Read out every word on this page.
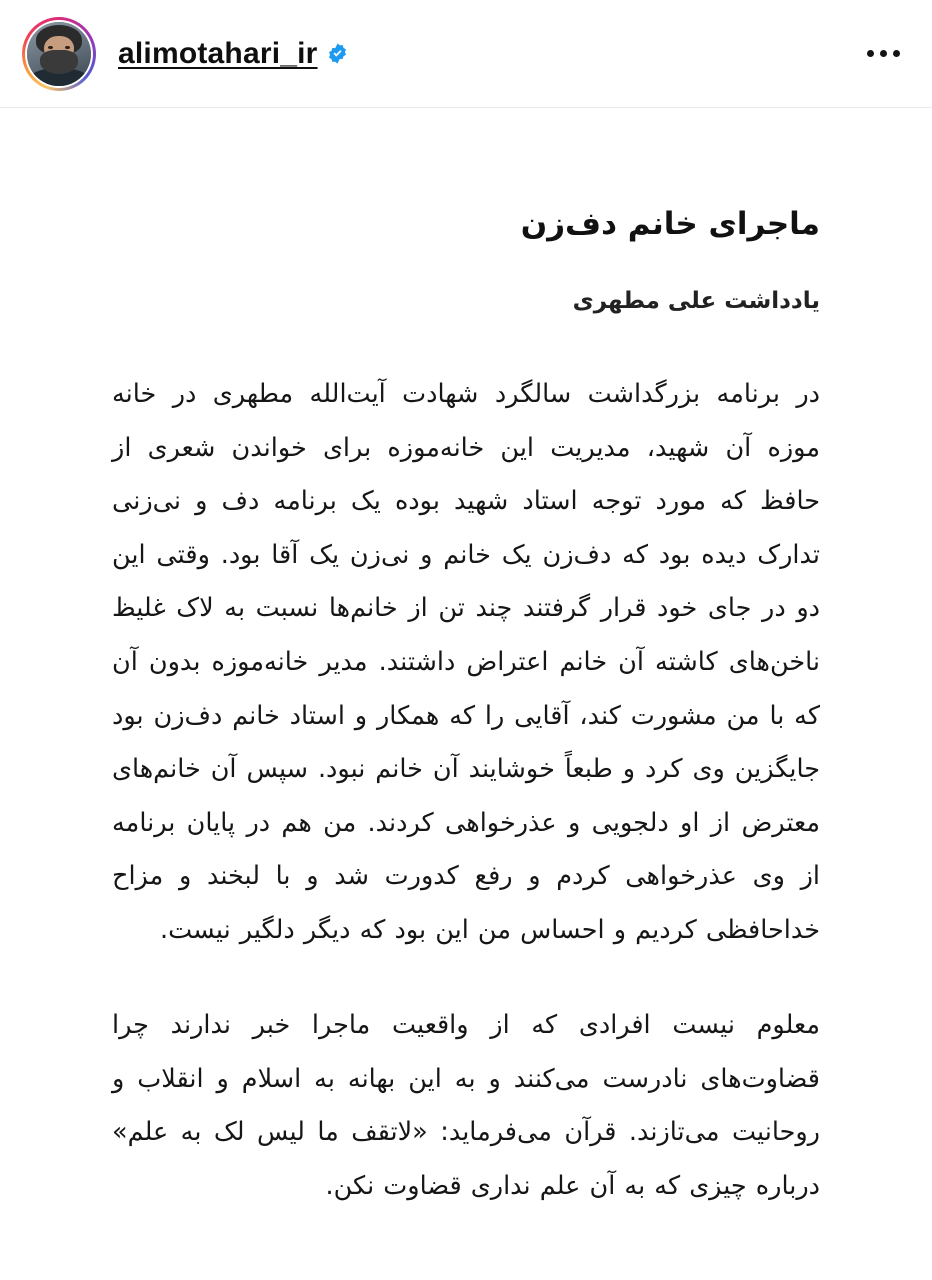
alimotahari_ir
ماجرای خانم دف‌زن
یادداشت علی مطهری

در برنامه بزرگداشت سالگرد شهادت آیت‌الله مطهری در خانه موزه آن شهید، مدیریت این خانه‌موزه برای خواندن شعری از حافظ که مورد توجه استاد شهید بوده یک برنامه دف و نی‌زنی تدارک دیده بود که دف‌زن یک خانم و نی‌زن یک آقا بود. وقتی این دو در جای خود قرار گرفتند چند تن از خانم‌ها نسبت به لاک غلیظ ناخن‌های کاشته آن خانم اعتراض داشتند. مدیر خانه‌موزه بدون آن که با من مشورت کند، آقایی را که همکار و استاد خانم دف‌زن بود جایگزین وی کرد و طبعاً خوشایند آن خانم نبود. سپس آن خانم‌های معترض از او دلجویی و عذرخواهی کردند. من هم در پایان برنامه از وی عذرخواهی کردم و رفع کدورت شد و با لبخند و مزاح خداحافظی کردیم و احساس من این بود که دیگر دلگیر نیست.

معلوم نیست افرادی که از واقعیت ماجرا خبر ندارند چرا قضاوت‌های نادرست می‌کنند و به این بهانه به اسلام و انقلاب و روحانیت می‌تازند. قرآن می‌فرماید: «لاتقف ما لیس لک به علم» درباره چیزی که به آن علم نداری قضاوت نکن.
